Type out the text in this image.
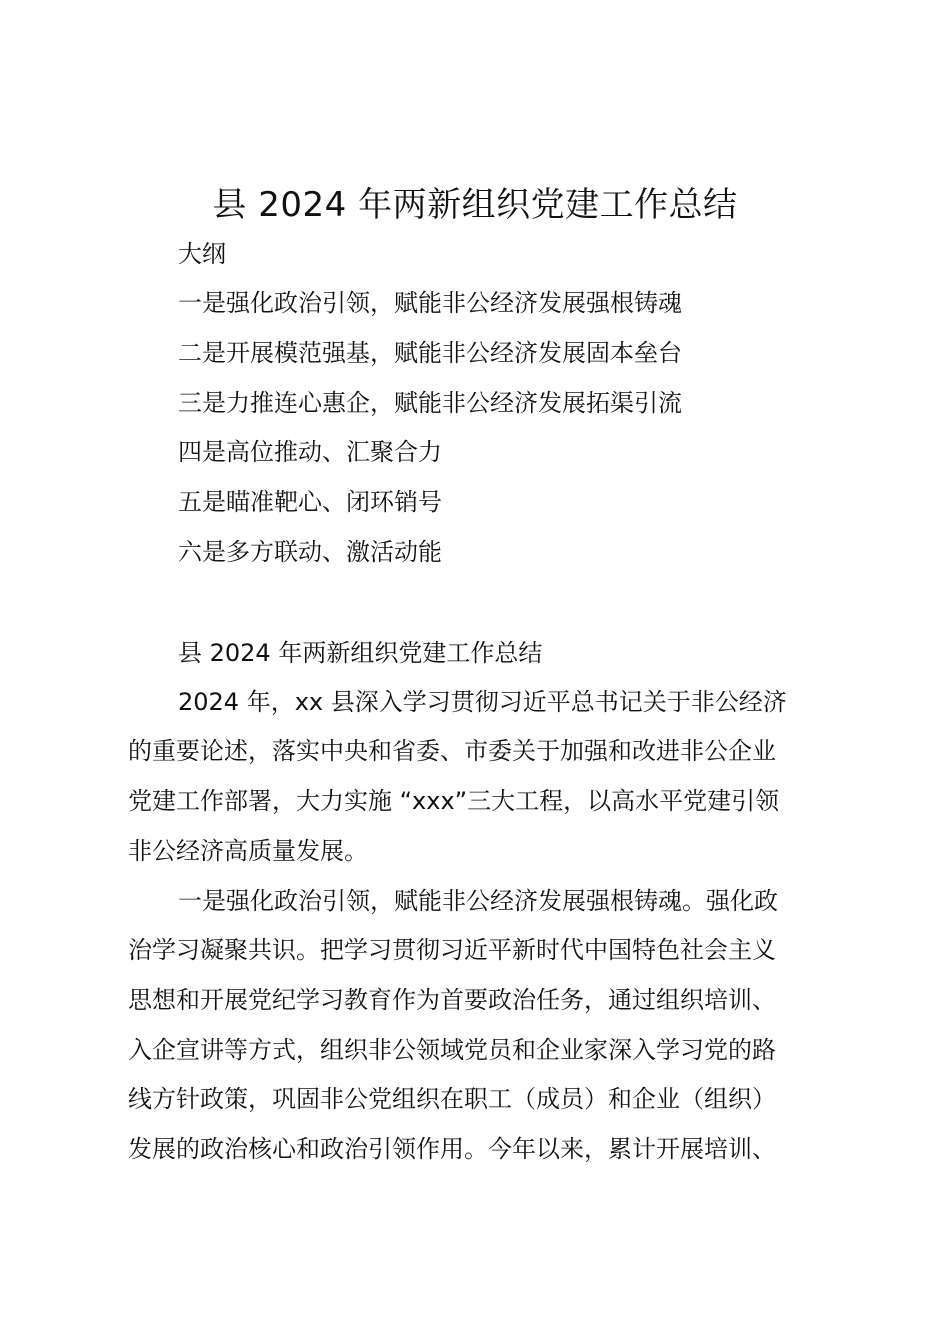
县 2024 年两新组织党建工作总结
大纲
一是强化政治引领，赋能非公经济发展强根铸魂
二是开展模范强基，赋能非公经济发展固本垒台
三是力推连心惠企，赋能非公经济发展拓渠引流
四是高位推动、汇聚合力
五是瞄准靶心、闭环销号
六是多方联动、激活动能
县 2024 年两新组织党建工作总结
2024 年，xx 县深入学习贯彻习近平总书记关于非公经济
的重要论述，落实中央和省委、市委关于加强和改进非公企业
党建工作部署，大力实施 “xxx”三大工程，以高水平党建引领
非公经济高质量发展。
一是强化政治引领，赋能非公经济发展强根铸魂。强化政
治学习凝聚共识。把学习贯彻习近平新时代中国特色社会主义
思想和开展党纪学习教育作为首要政治任务，通过组织培训、
入企宣讲等方式，组织非公领域党员和企业家深入学习党的路
线方针政策，巩固非公党组织在职工（成员）和企业（组织）
发展的政治核心和政治引领作用。今年以来，累计开展培训、
